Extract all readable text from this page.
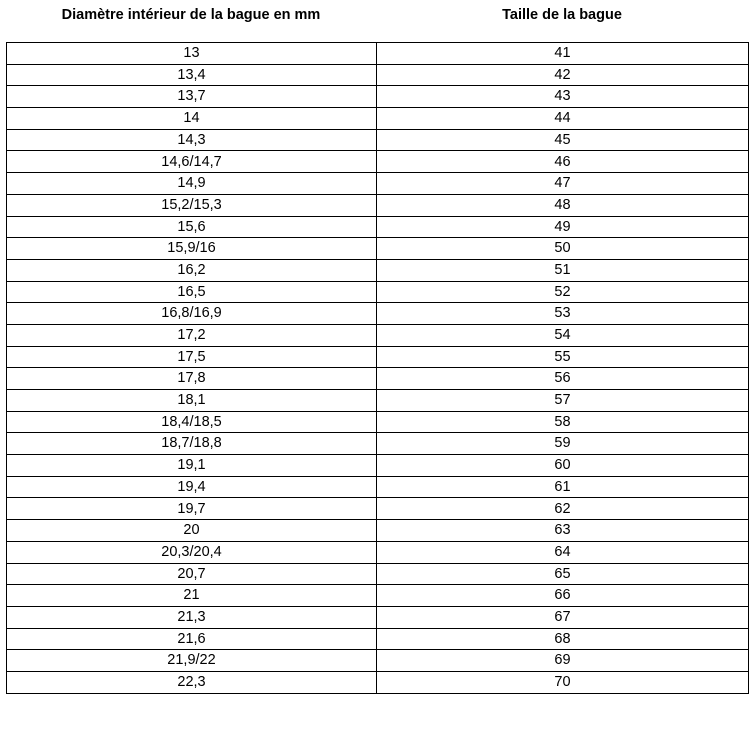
Diamètre intérieur de la bague en mm	Taille de la bague
13	41
13,4	42
13,7	43
14	44
14,3	45
14,6/14,7	46
14,9	47
15,2/15,3	48
15,6	49
15,9/16	50
16,2	51
16,5	52
16,8/16,9	53
17,2	54
17,5	55
17,8	56
18,1	57
18,4/18,5	58
18,7/18,8	59
19,1	60
19,4	61
19,7	62
20	63
20,3/20,4	64
20,7	65
21	66
21,3	67
21,6	68
21,9/22	69
22,3	70
